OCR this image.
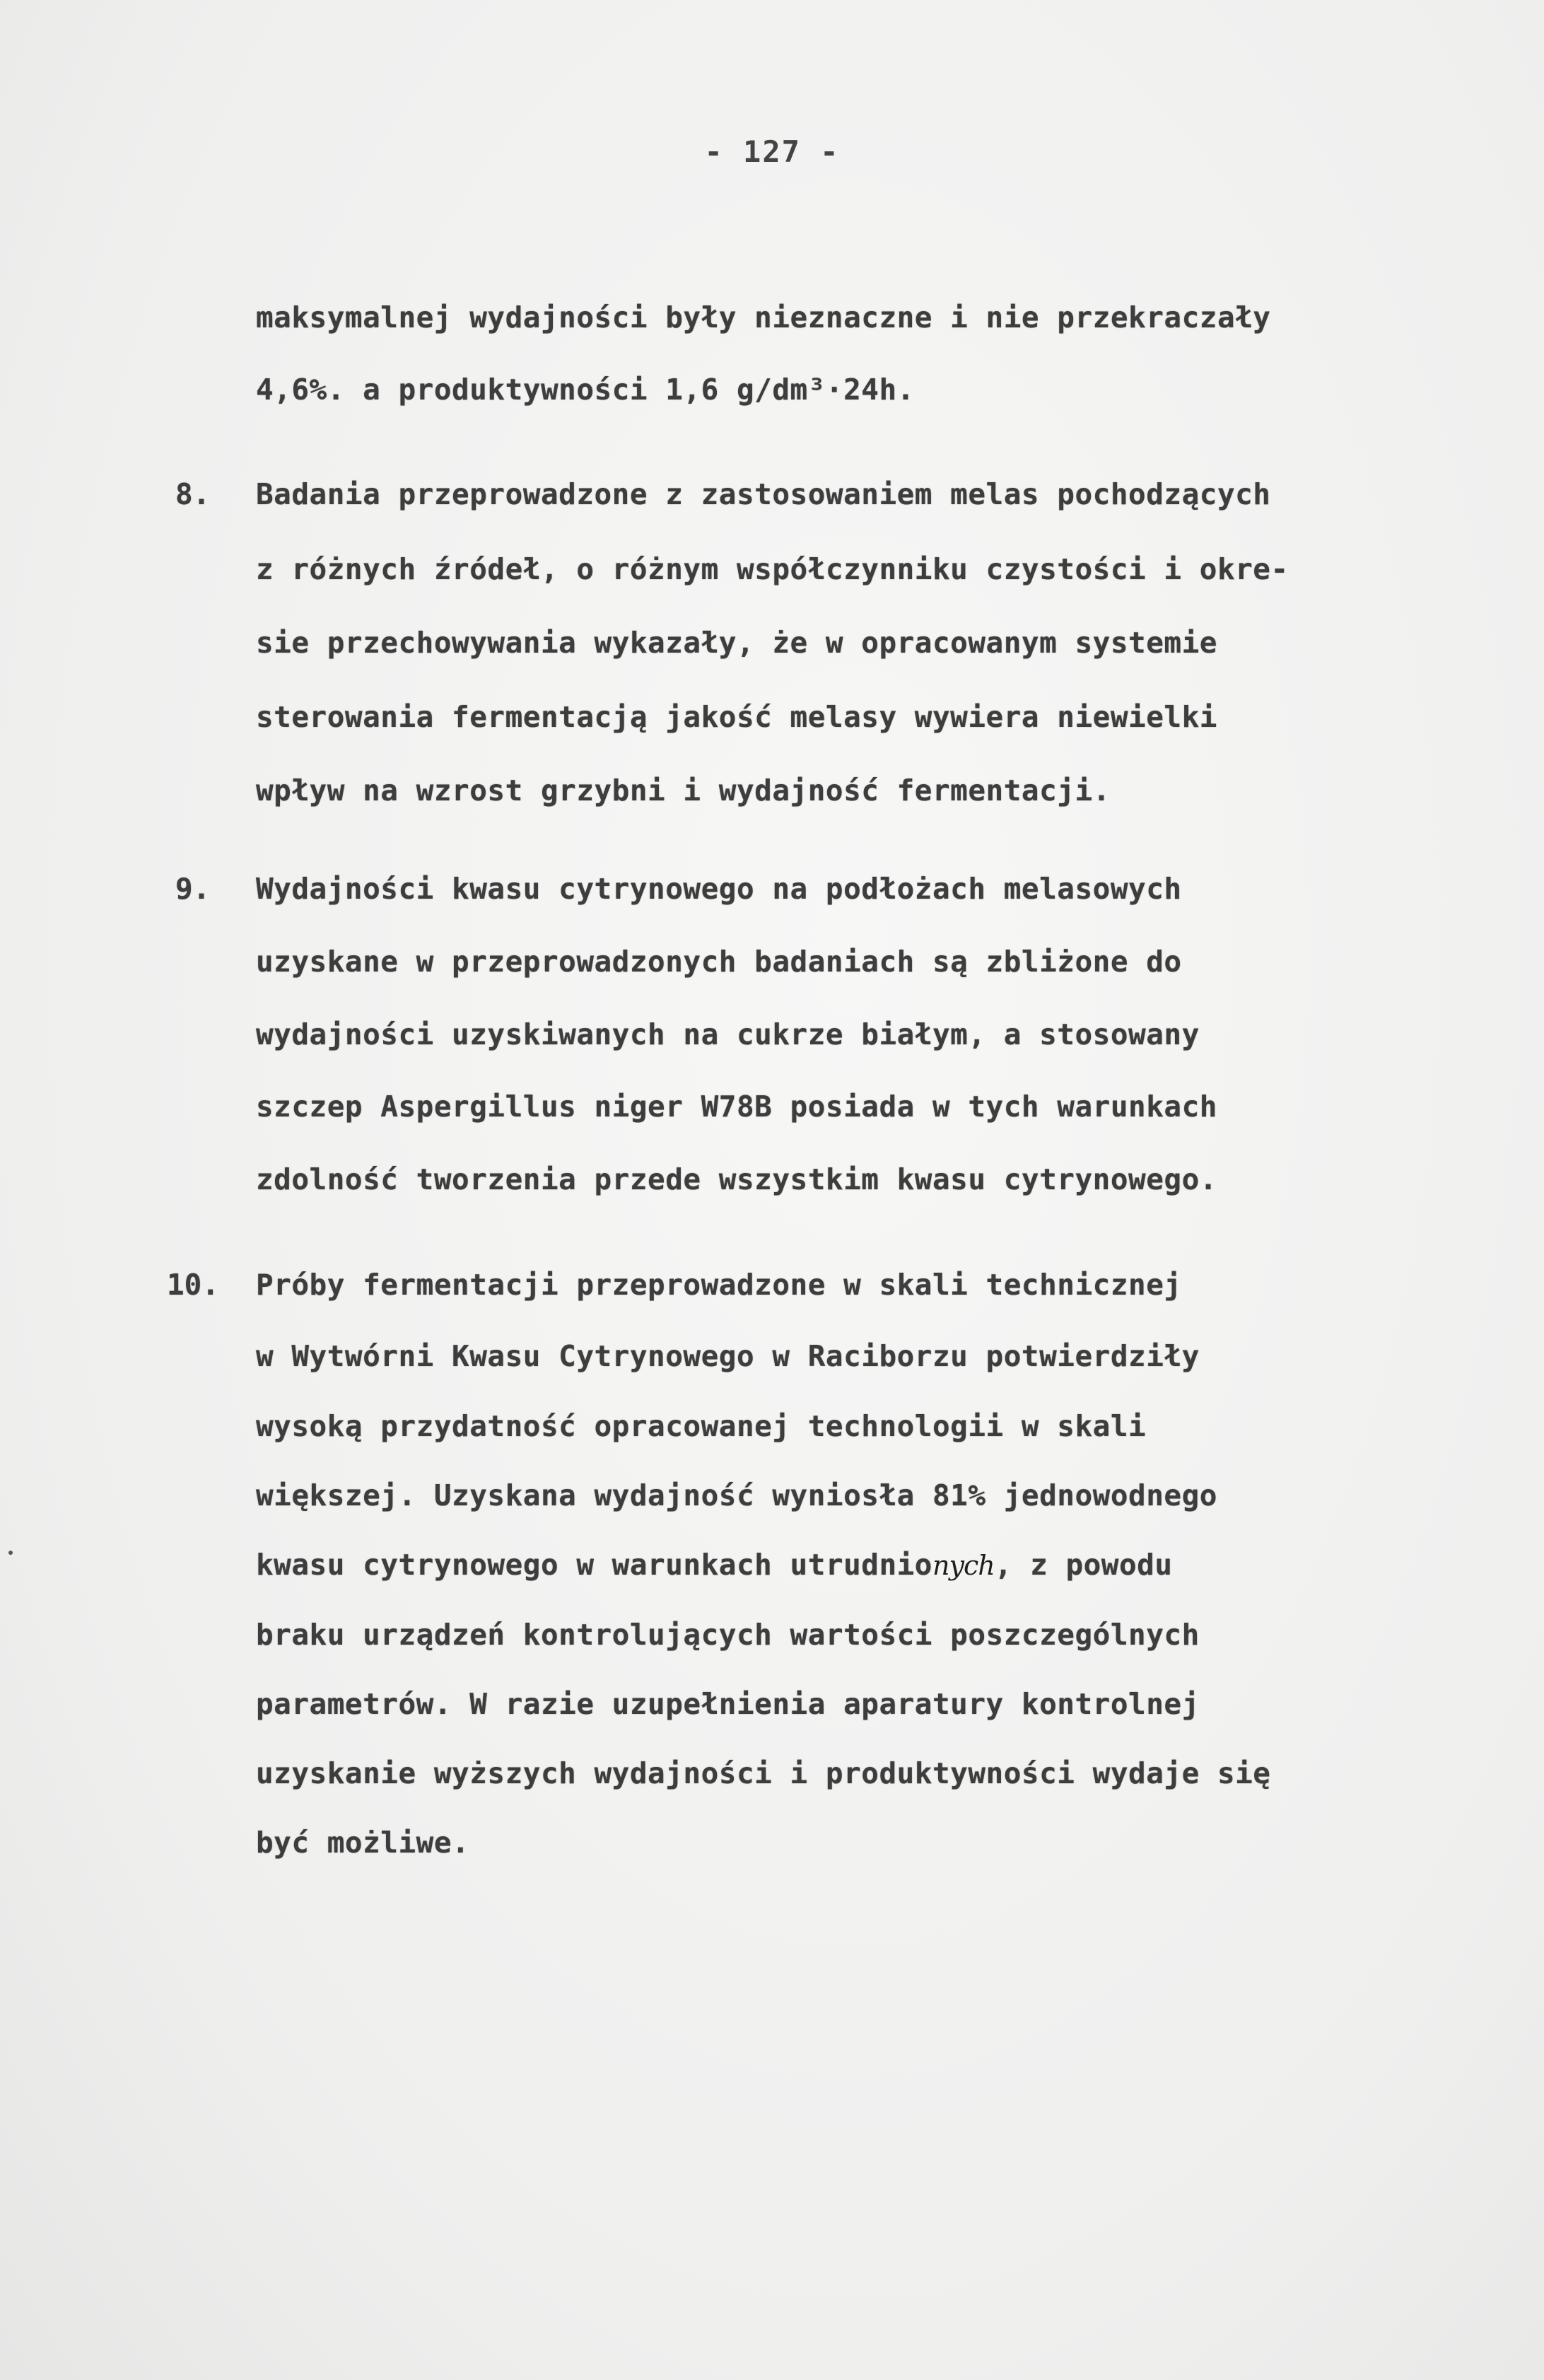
- 127 -
maksymalnej wydajności były nieznaczne i nie przekraczały
4,6%. a produktywności 1,6 g/dm³·24h.
8. Badania przeprowadzone z zastosowaniem melas pochodzących
z różnych źródeł, o różnym współczynniku czystości i okre-
sie przechowywania wykazały, że w opracowanym systemie
sterowania fermentacją jakość melasy wywiera niewielki
wpływ na wzrost grzybni i wydajność fermentacji.
9. Wydajności kwasu cytrynowego na podłożach melasowych
uzyskane w przeprowadzonych badaniach są zbliżone do
wydajności uzyskiwanych na cukrze białym, a stosowany
szczep Aspergillus niger W78B posiada w tych warunkach
zdolność tworzenia przede wszystkim kwasu cytrynowego.
10. Próby fermentacji przeprowadzone w skali technicznej
w Wytwórni Kwasu Cytrynowego w Raciborzu potwierdziły
wysoką przydatność opracowanej technologii w skali
większej. Uzyskana wydajność wyniosła 81% jednowodnego
kwasu cytrynowego w warunkach utrudnionych, z powodu
braku urządzeń kontrolujących wartości poszczególnych
parametrów. W razie uzupełnienia aparatury kontrolnej
uzyskanie wyższych wydajności i produktywności wydaje się
być możliwe.
